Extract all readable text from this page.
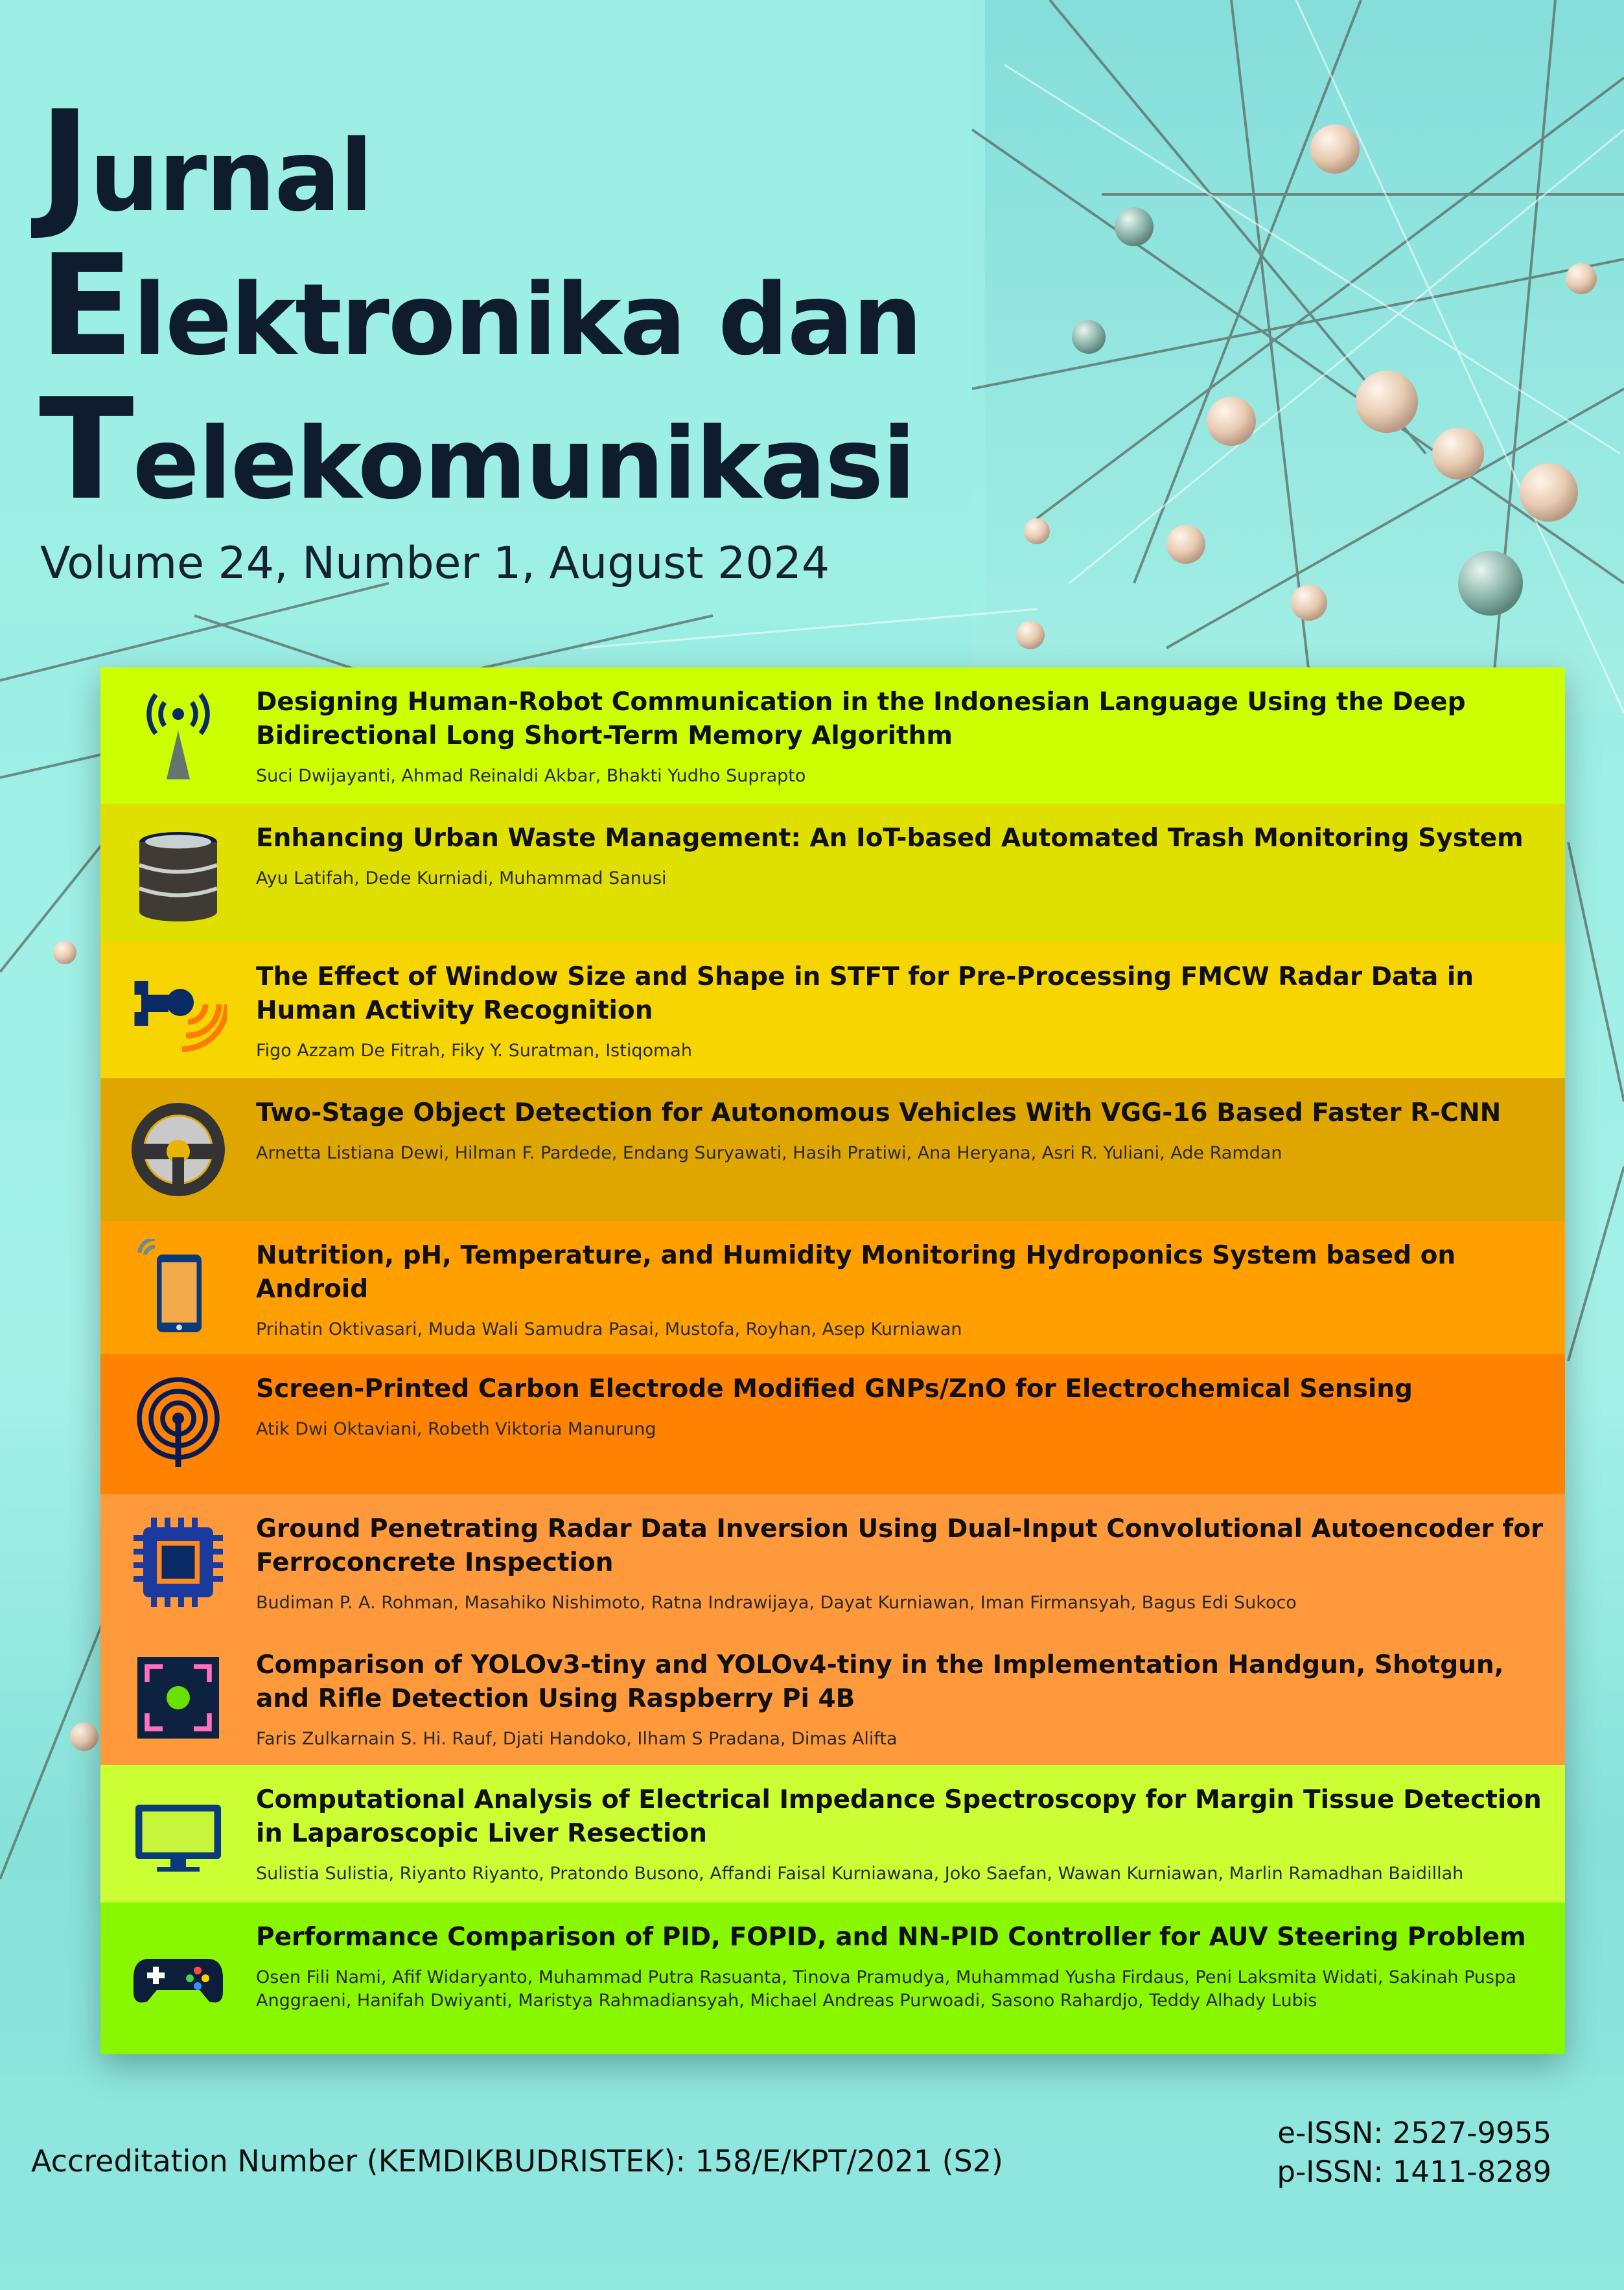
Jurnal
Elektronika dan
Telekomunikasi
Volume 24, Number 1, August 2024
Designing Human-Robot Communication in the Indonesian Language Using the Deep Bidirectional Long Short-Term Memory Algorithm
Suci Dwijayanti, Ahmad Reinaldi Akbar, Bhakti Yudho Suprapto
Enhancing Urban Waste Management: An IoT-based Automated Trash Monitoring System
Ayu Latifah, Dede Kurniadi, Muhammad Sanusi
The Effect of Window Size and Shape in STFT for Pre-Processing FMCW Radar Data in Human Activity Recognition
Figo Azzam De Fitrah, Fiky Y. Suratman, Istiqomah
Two-Stage Object Detection for Autonomous Vehicles With VGG-16 Based Faster R-CNN
Arnetta Listiana Dewi, Hilman F. Pardede, Endang Suryawati, Hasih Pratiwi, Ana Heryana, Asri R. Yuliani, Ade Ramdan
Nutrition, pH, Temperature, and Humidity Monitoring Hydroponics System based on Android
Prihatin Oktivasari, Muda Wali Samudra Pasai, Mustofa, Royhan, Asep Kurniawan
Screen-Printed Carbon Electrode Modified GNPs/ZnO for Electrochemical Sensing
Atik Dwi Oktaviani, Robeth Viktoria Manurung
Ground Penetrating Radar Data Inversion Using Dual-Input Convolutional Autoencoder for Ferroconcrete Inspection
Budiman P. A. Rohman, Masahiko Nishimoto, Ratna Indrawijaya, Dayat Kurniawan, Iman Firmansyah, Bagus Edi Sukoco
Comparison of YOLOv3-tiny and YOLOv4-tiny in the Implementation Handgun, Shotgun, and Rifle Detection Using Raspberry Pi 4B
Faris Zulkarnain S. Hi. Rauf, Djati Handoko, Ilham S Pradana, Dimas Alifta
Computational Analysis of Electrical Impedance Spectroscopy for Margin Tissue Detection in Laparoscopic Liver Resection
Sulistia Sulistia, Riyanto Riyanto, Pratondo Busono, Affandi Faisal Kurniawana, Joko Saefan, Wawan Kurniawan, Marlin Ramadhan Baidillah
Performance Comparison of PID, FOPID, and NN-PID Controller for AUV Steering Problem
Osen Fili Nami, Afif Widaryanto, Muhammad Putra Rasuanta, Tinova Pramudya, Muhammad Yusha Firdaus, Peni Laksmita Widati, Sakinah Puspa Anggraeni, Hanifah Dwiyanti, Maristya Rahmadiansyah, Michael Andreas Purwoadi, Sasono Rahardjo, Teddy Alhady Lubis
Accreditation Number (KEMDIKBUDRISTEK): 158/E/KPT/2021 (S2)
e-ISSN: 2527-9955
p-ISSN: 1411-8289
